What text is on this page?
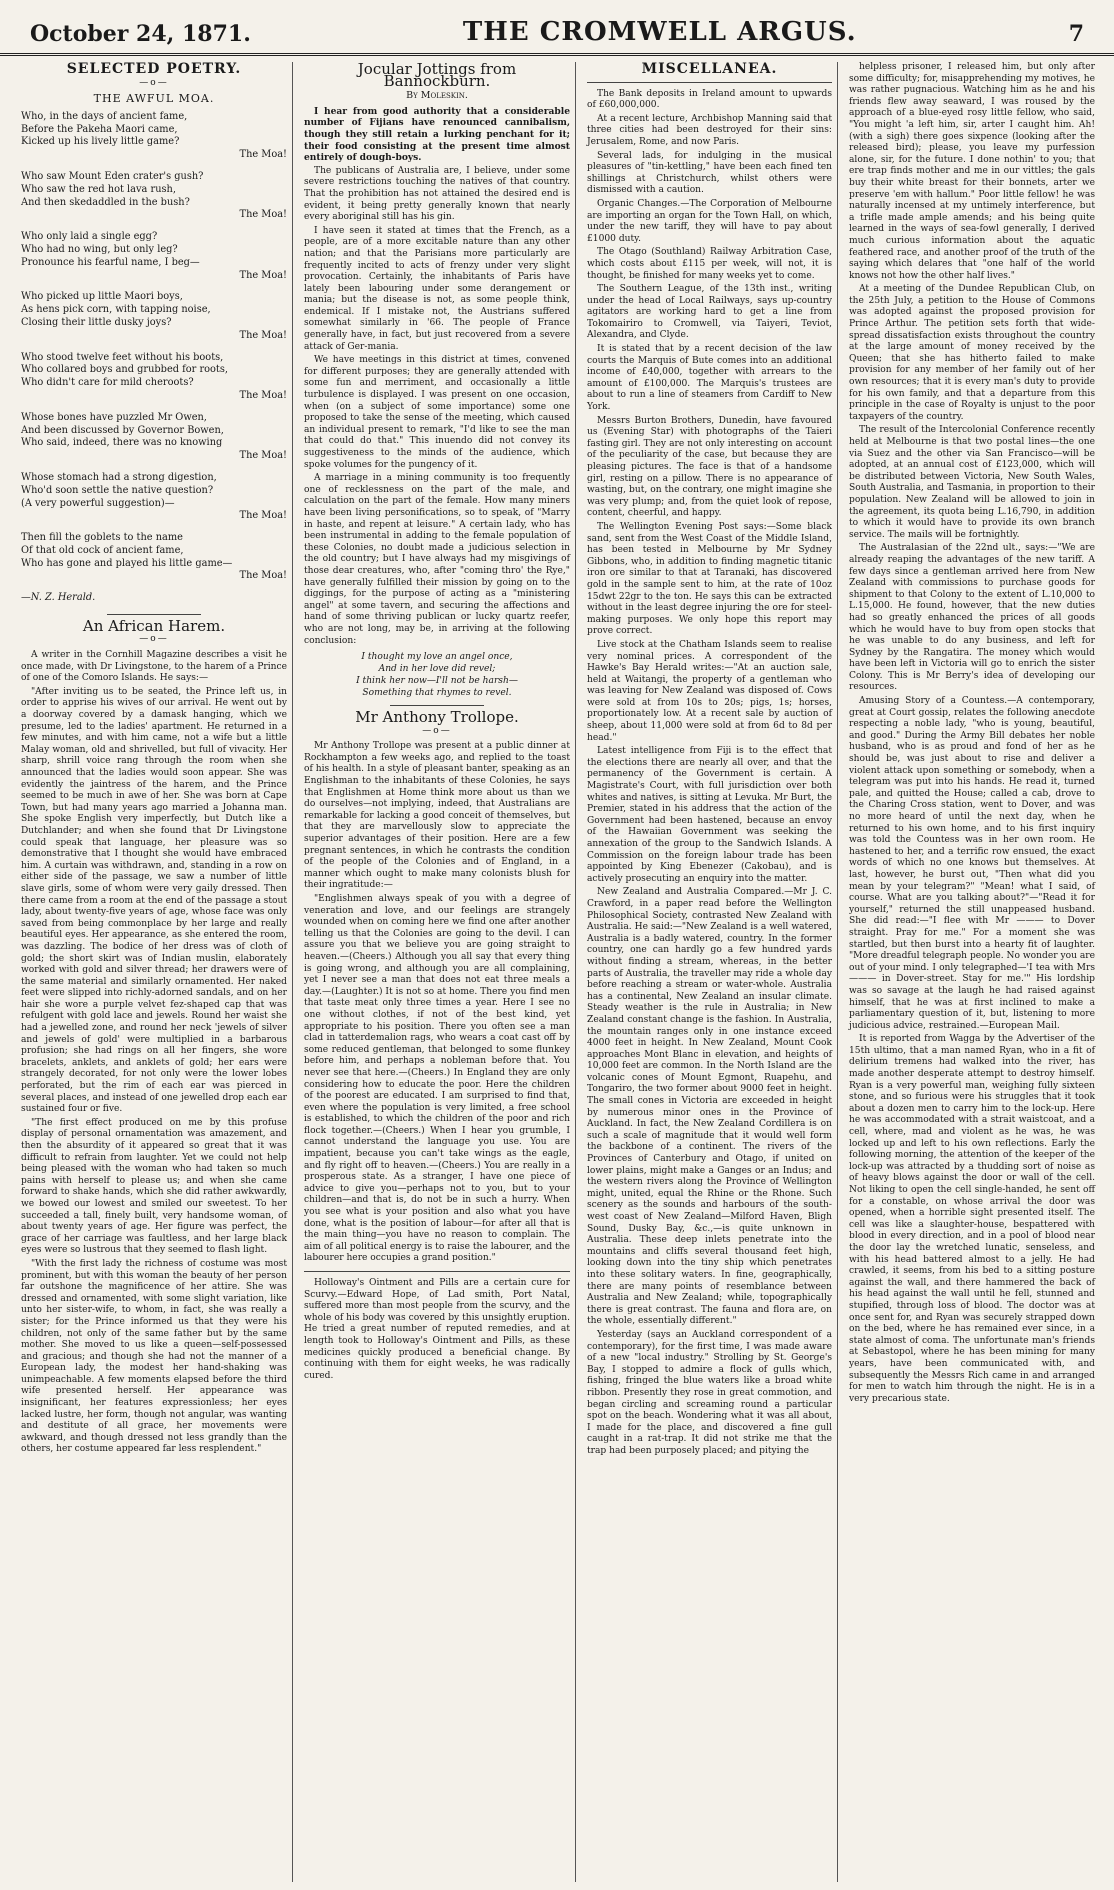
October 24, 1871.	THE CROMWELL ARGUS.	7
SELECTED POETRY.
—o—
THE AWFUL MOA.
Who, in the days of ancient fame,
Before the Pakeha Maori came,
Kicked up his lively little game?
The Moa!
Who saw Mount Eden crater's gush?
Who saw the red hot lava rush,
And then skedaddled in the bush?
The Moa!
Who only laid a single egg?
Who had no wing, but only leg?
Pronounce his fearful name, I beg—
The Moa!
Who picked up little Maori boys,
As hens pick corn, with tapping noise,
Closing their little dusky joys?
The Moa!
Who stood twelve feet without his boots,
Who collared boys and grubbed for roots,
Who didn't care for mild cheroots?
The Moa!
Whose bones have puzzled Mr Owen,
And been discussed by Governor Bowen,
Who said, indeed, there was no knowing
The Moa!
Whose stomach had a strong digestion,
Who'd soon settle the native question?
(A very powerful suggestion)—
The Moa!
Then fill the goblets to the name
Of that old cock of ancient fame,
Who has gone and played his little game—
The Moa!
—N. Z. Herald.
An African Harem.
—o—

A writer in the Cornhill Magazine describes a visit he once made, with Dr Livingstone, to the harem of a Prince of one of the Comoro Islands. He says:—

"After inviting us to be seated, the Prince left us, in order to apprise his wives of our arrival. He went out by a doorway covered by a damask hanging, which we presume, led to the ladies' apartment. He returned in a few minutes, and with him came, not a wife but a little Malay woman, old and shrivelled, but full of vivacity. Her sharp, shrill voice rang through the room when she announced that the ladies would soon appear. She was evidently the jaintress of the harem, and the Prince seemed to be much in awe of her. She was born at Cape Town, but had many years ago married a Johanna man. She spoke English very imperfectly, but Dutch like a Dutchlander; and when she found that Dr Livingstone could speak that language, her pleasure was so demonstrative that I thought she would have embraced him. A curtain was withdrawn, and, standing in a row on either side of the passage, we saw a number of little slave girls, some of whom were very gaily dressed. Then there came from a room at the end of the passage a stout lady, about twenty-five years of age, whose face was only saved from being commonplace by her large and really beautiful eyes. Her appearance, as she entered the room, was dazzling. The bodice of her dress was of cloth of gold; the short skirt was of Indian muslin, elaborately worked with gold and silver thread; her drawers were of the same material and similarly ornamented. Her naked feet were slipped into richly-adorned sandals, and on her hair she wore a purple velvet fez-shaped cap that was refulgent with gold lace and jewels. Round her waist she had a jewelled zone, and round her neck 'jewels of silver and jewels of gold' were multiplied in a barbarous profusion; she had rings on all her fingers, she wore bracelets, anklets, and anklets of gold; her ears were strangely decorated, for not only were the lower lobes perforated, but the rim of each ear was pierced in several places, and instead of one jewelled drop each ear sustained four or five.

"The first effect produced on me by this profuse display of personal ornamentation was amazement, and then the absurdity of it appeared so great that it was difficult to refrain from laughter. Yet we could not help being pleased with the woman who had taken so much pains with herself to please us; and when she came forward to shake hands, which she did rather awkwardly, we bowed our lowest and smiled our sweetest. To her succeeded a tall, finely built, very handsome woman, of about twenty years of age. Her figure was perfect, the grace of her carriage was faultless, and her large black eyes were so lustrous that they seemed to flash light.

"With the first lady the richness of costume was most prominent, but with this woman the beauty of her person far outshone the magnificence of her attire. She was dressed and ornamented, with some slight variation, like unto her sister-wife, to whom, in fact, she was really a sister; for the Prince informed us that they were his children, not only of the same father but by the same mother. She moved to us like a queen—self-possessed and gracious; and though she had not the manner of a European lady, the modest her hand-shaking was unimpeachable. A few moments elapsed before the third wife presented herself. Her appearance was insignificant, her features expressionless; her eyes lacked lustre, her form, though not angular, was wanting and destitute of all grace, her movements were awkward, and though dressed not less grandly than the others, her costume appeared far less resplendent."

Jocular Jottings from Bannockburn.
By Moleskin.

I hear from good authority that a considerable number of Fijians have renounced cannibalism, though they still retain a lurking penchant for it; their food consisting at the present time almost entirely of dough-boys.

The publicans of Australia are, I believe, under some severe restrictions touching the natives of that country. That the prohibition has not attained the desired end is evident, it being pretty generally known that nearly every aboriginal still has his gin.

I have seen it stated at times that the French, as a people, are of a more excitable nature than any other nation; and that the Parisians more particularly are frequently incited to acts of frenzy under very slight provocation. Certainly, the inhabitants of Paris have lately been labouring under some derangement or mania; but the disease is not, as some people think, endemical. If I mistake not, the Austrians suffered somewhat similarly in '66. The people of France generally have, in fact, but just recovered from a severe attack of Ger-mania.

We have meetings in this district at times, convened for different purposes; they are generally attended with some fun and merriment, and occasionally a little turbulence is displayed. I was present on one occasion, when (on a subject of some importance) some one proposed to take the sense of the meeting, which caused an individual present to remark, "I'd like to see the man that could do that." This inuendo did not convey its suggestiveness to the minds of the audience, which spoke volumes for the pungency of it.

A marriage in a mining community is too frequently one of recklessness on the part of the male, and calculation on the part of the female. How many miners have been living personifications, so to speak, of "Marry in haste, and repent at leisure." A certain lady, who has been instrumental in adding to the female population of these Colonies, no doubt made a judicious selection in the old country; but I have always had my misgivings of those dear creatures, who, after "coming thro' the Rye," have generally fulfilled their mission by going on to the diggings, for the purpose of acting as a "ministering angel" at some tavern, and securing the affections and hand of some thriving publican or lucky quartz reefer, who are not long, may be, in arriving at the following conclusion:

I thought my love an angel once,
And in her love did revel;
I think her now—I'll not be harsh—
Something that rhymes to revel.
Mr Anthony Trollope.
—o—

Mr Anthony Trollope was present at a public dinner at Rockhampton a few weeks ago, and replied to the toast of his health. In a style of pleasant banter, speaking as an Englishman to the inhabitants of these Colonies, he says that Englishmen at Home think more about us than we do ourselves—not implying, indeed, that Australians are remarkable for lacking a good conceit of themselves, but that they are marvellously slow to appreciate the superior advantages of their position. Here are a few pregnant sentences, in which he contrasts the condition of the people of the Colonies and of England, in a manner which ought to make many colonists blush for their ingratitude:—

"Englishmen always speak of you with a degree of veneration and love, and our feelings are strangely wounded when on coming here we find one after another telling us that the Colonies are going to the devil. I can assure you that we believe you are going straight to heaven.—(Cheers.) Although you all say that every thing is going wrong, and although you are all complaining, yet I never see a man that does not eat three meals a day.—(Laughter.) It is not so at home. There you find men that taste meat only three times a year. Here I see no one without clothes, if not of the best kind, yet appropriate to his position. There you often see a man clad in tatterdemalion rags, who wears a coat cast off by some reduced gentleman, that belonged to some flunkey before him, and perhaps a nobleman before that. You never see that here.—(Cheers.) In England they are only considering how to educate the poor. Here the children of the poorest are educated. I am surprised to find that, even where the population is very limited, a free school is established, to which the children of the poor and rich flock together.—(Cheers.) When I hear you grumble, I cannot understand the language you use. You are impatient, because you can't take wings as the eagle, and fly right off to heaven.—(Cheers.) You are really in a prosperous state. As a stranger, I have one piece of advice to give you—perhaps not to you, but to your children—and that is, do not be in such a hurry. When you see what is your position and also what you have done, what is the position of labour—for after all that is the main thing—you have no reason to complain. The aim of all political energy is to raise the labourer, and the labourer here occupies a grand position."

Holloway's Ointment and Pills are a certain cure for Scurvy.—Edward Hope, of Lad smith, Port Natal, suffered more than most people from the scurvy, and the whole of his body was covered by this unsightly eruption. He tried a great number of reputed remedies, and at length took to Holloway's Ointment and Pills, as these medicines quickly produced a beneficial change. By continuing with them for eight weeks, he was radically cured.

MISCELLANEA.

The Bank deposits in Ireland amount to upwards of £60,000,000.

At a recent lecture, Archbishop Manning said that three cities had been destroyed for their sins: Jerusalem, Rome, and now Paris.

Several lads, for indulging in the musical pleasures of "tin-kettling," have been each fined ten shillings at Christchurch, whilst others were dismissed with a caution.

Organic Changes.—The Corporation of Melbourne are importing an organ for the Town Hall, on which, under the new tariff, they will have to pay about £1000 duty.

The Otago (Southland) Railway Arbitration Case, which costs about £115 per week, will not, it is thought, be finished for many weeks yet to come.

The Southern League, of the 13th inst., writing under the head of Local Railways, says up-country agitators are working hard to get a line from Tokomairiro to Cromwell, via Taiyeri, Teviot, Alexandra, and Clyde.

It is stated that by a recent decision of the law courts the Marquis of Bute comes into an additional income of £40,000, together with arrears to the amount of £100,000. The Marquis's trustees are about to run a line of steamers from Cardiff to New York.

Messrs Burton Brothers, Dunedin, have favoured us (Evening Star) with photographs of the Taieri fasting girl. They are not only interesting on account of the peculiarity of the case, but because they are pleasing pictures. The face is that of a handsome girl, resting on a pillow. There is no appearance of wasting, but, on the contrary, one might imagine she was very plump; and, from the quiet look of repose, content, cheerful, and happy.

The Wellington Evening Post says:—Some black sand, sent from the West Coast of the Middle Island, has been tested in Melbourne by Mr Sydney Gibbons, who, in addition to finding magnetic titanic iron ore similar to that at Taranaki, has discovered gold in the sample sent to him, at the rate of 10oz 15dwt 22gr to the ton. He says this can be extracted without in the least degree injuring the ore for steel-making purposes. We only hope this report may prove correct.

Live stock at the Chatham Islands seem to realise very nominal prices. A correspondent of the Hawke's Bay Herald writes:—"At an auction sale, held at Waitangi, the property of a gentleman who was leaving for New Zealand was disposed of. Cows were sold at from 10s to 20s; pigs, 1s; horses, proportionately low. At a recent sale by auction of sheep, about 11,000 were sold at from 6d to 8d per head."

Latest intelligence from Fiji is to the effect that the elections there are nearly all over, and that the permanency of the Government is certain. A Magistrate's Court, with full jurisdiction over both whites and natives, is sitting at Levuka. Mr Burt, the Premier, stated in his address that the action of the Government had been hastened, because an envoy of the Hawaiian Government was seeking the annexation of the group to the Sandwich Islands. A Commission on the foreign labour trade has been appointed by King Ebenezer (Cakobau), and is actively prosecuting an enquiry into the matter.

New Zealand and Australia Compared.—Mr J. C. Crawford, in a paper read before the Wellington Philosophical Society, contrasted New Zealand with Australia. He said:—"New Zealand is a well watered, Australia is a badly watered, country. In the former country, one can hardly go a few hundred yards without finding a stream, whereas, in the better parts of Australia, the traveller may ride a whole day before reaching a stream or water-whole. Australia has a continental, New Zealand an insular climate. Steady weather is the rule in Australia; in New Zealand constant change is the fashion. In Australia, the mountain ranges only in one instance exceed 4000 feet in height. In New Zealand, Mount Cook approaches Mont Blanc in elevation, and heights of 10,000 feet are common. In the North Island are the volcanic cones of Mount Egmont, Ruapehu, and Tongariro, the two former about 9000 feet in height. The small cones in Victoria are exceeded in height by numerous minor ones in the Province of Auckland. In fact, the New Zealand Cordillera is on such a scale of magnitude that it would well form the backbone of a continent. The rivers of the Provinces of Canterbury and Otago, if united on lower plains, might make a Ganges or an Indus; and the western rivers along the Province of Wellington might, united, equal the Rhine or the Rhone. Such scenery as the sounds and harbours of the south-west coast of New Zealand—Milford Haven, Bligh Sound, Dusky Bay, &c.,—is quite unknown in Australia. These deep inlets penetrate into the mountains and cliffs several thousand feet high, looking down into the tiny ship which penetrates into these solitary waters. In fine, geographically, there are many points of resemblance between Australia and New Zealand; while, topographically there is great contrast. The fauna and flora are, on the whole, essentially different."

Yesterday (says an Auckland correspondent of a contemporary), for the first time, I was made aware of a new "local industry." Strolling by St. George's Bay, I stopped to admire a flock of gulls which, fishing, fringed the blue waters like a broad white ribbon. Presently they rose in great commotion, and began circling and screaming round a particular spot on the beach. Wondering what it was all about, I made for the place, and discovered a fine gull caught in a rat-trap. It did not strike me that the trap had been purposely placed; and pitying the

helpless prisoner, I released him, but only after some difficulty; for, misapprehending my motives, he was rather pugnacious. Watching him as he and his friends flew away seaward, I was roused by the approach of a blue-eyed rosy little fellow, who said, "You might 'a left him, sir, arter I caught him. Ah! (with a sigh) there goes sixpence (looking after the released bird); please, you leave my purfession alone, sir, for the future. I done nothin' to you; that ere trap finds mother and me in our vittles; the gals buy their white breast for their bonnets, arter we preserve 'em with hallum." Poor little fellow! he was naturally incensed at my untimely interference, but a trifle made ample amends; and his being quite learned in the ways of sea-fowl generally, I derived much curious information about the aquatic feathered race, and another proof of the truth of the saying which delares that "one half of the world knows not how the other half lives."

At a meeting of the Dundee Republican Club, on the 25th July, a petition to the House of Commons was adopted against the proposed provision for Prince Arthur. The petition sets forth that wide-spread dissatisfaction exists throughout the country at the large amount of money received by the Queen; that she has hitherto failed to make provision for any member of her family out of her own resources; that it is every man's duty to provide for his own family, and that a departure from this principle in the case of Royalty is unjust to the poor taxpayers of the country.

The result of the Intercolonial Conference recently held at Melbourne is that two postal lines—the one via Suez and the other via San Francisco—will be adopted, at an annual cost of £123,000, which will be distributed between Victoria, New South Wales, South Australia, and Tasmania, in proportion to their population. New Zealand will be allowed to join in the agreement, its quota being L.16,790, in addition to which it would have to provide its own branch service. The mails will be fortnightly.

The Australasian of the 22nd ult., says:—"We are already reaping the advantages of the new tariff. A few days since a gentleman arrived here from New Zealand with commissions to purchase goods for shipment to that Colony to the extent of L.10,000 to L.15,000. He found, however, that the new duties had so greatly enhanced the prices of all goods which he would have to buy from open stocks that he was unable to do any business, and left for Sydney by the Rangatira. The money which would have been left in Victoria will go to enrich the sister Colony. This is Mr Berry's idea of developing our resources.

Amusing Story of a Countess.—A contemporary, great at Court gossip, relates the following anecdote respecting a noble lady, "who is young, beautiful, and good." During the Army Bill debates her noble husband, who is as proud and fond of her as he should be, was just about to rise and deliver a violent attack upon something or somebody, when a telegram was put into his hands. He read it, turned pale, and quitted the House; called a cab, drove to the Charing Cross station, went to Dover, and was no more heard of until the next day, when he returned to his own home, and to his first inquiry was told the Countess was in her own room. He hastened to her, and a terrific row ensued, the exact words of which no one knows but themselves. At last, however, he burst out, "Then what did you mean by your telegram?" "Mean! what I said, of course. What are you talking about?"—"Read it for yourself," returned the still unappeased husband. She did read:—"I flee with Mr ——— to Dover straight. Pray for me." For a moment she was startled, but then burst into a hearty fit of laughter. "More dreadful telegraph people. No wonder you are out of your mind. I only telegraphed—'I tea with Mrs ——— in Dover-street. Stay for me.'" His lordship was so savage at the laugh he had raised against himself, that he was at first inclined to make a parliamentary question of it, but, listening to more judicious advice, restrained.—European Mail.

It is reported from Wagga by the Advertiser of the 15th ultimo, that a man named Ryan, who in a fit of delirium tremens had walked into the river, has made another desperate attempt to destroy himself. Ryan is a very powerful man, weighing fully sixteen stone, and so furious were his struggles that it took about a dozen men to carry him to the lock-up. Here he was accommodated with a strait waistcoat, and a cell, where, mad and violent as he was, he was locked up and left to his own reflections. Early the following morning, the attention of the keeper of the lock-up was attracted by a thudding sort of noise as of heavy blows against the door or wall of the cell. Not liking to open the cell single-handed, he sent off for a constable, on whose arrival the door was opened, when a horrible sight presented itself. The cell was like a slaughter-house, bespattered with blood in every direction, and in a pool of blood near the door lay the wretched lunatic, senseless, and with his head battered almost to a jelly. He had crawled, it seems, from his bed to a sitting posture against the wall, and there hammered the back of his head against the wall until he fell, stunned and stupified, through loss of blood. The doctor was at once sent for, and Ryan was securely strapped down on the bed, where he has remained ever since, in a state almost of coma. The unfortunate man's friends at Sebastopol, where he has been mining for many years, have been communicated with, and subsequently the Messrs Rich came in and arranged for men to watch him through the night. He is in a very precarious state.
